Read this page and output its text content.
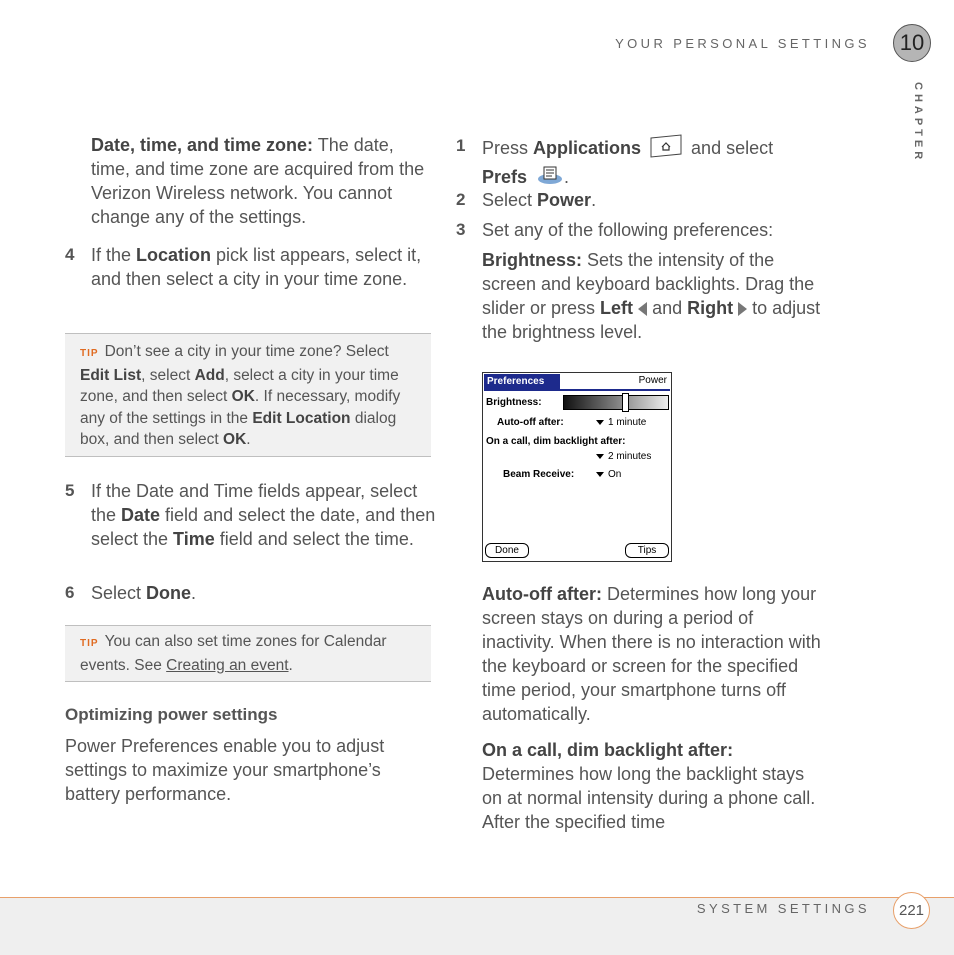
YOUR PERSONAL SETTINGS	10
CHAPTER
Date, time, and time zone: The date, time, and time zone are acquired from the Verizon Wireless network. You cannot change any of the settings.
4 If the Location pick list appears, select it, and then select a city in your time zone.
TIP Don’t see a city in your time zone? Select Edit List, select Add, select a city in your time zone, and then select OK. If necessary, modify any of the settings in the Edit Location dialog box, and then select OK.
5 If the Date and Time fields appear, select the Date field and select the date, and then select the Time field and select the time.
6 Select Done.
TIP You can also set time zones for Calendar events. See Creating an event.
Optimizing power settings
Power Preferences enable you to adjust settings to maximize your smartphone’s battery performance.
1 Press Applications	and select
Prefs .
2 Select Power.
3 Set any of the following preferences:
Brightness: Sets the intensity of the screen and keyboard backlights. Drag the slider or press Left  and Right  to adjust the brightness level.
Preferences	Power
Brightness:
Auto-off after:	1 minute
On a call, dim backlight after:
2 minutes
Beam Receive:	On
Done	Tips
Auto-off after: Determines how long your screen stays on during a period of inactivity. When there is no interaction with the keyboard or screen for the specified time period, your smartphone turns off automatically.
On a call, dim backlight after:
Determines how long the backlight stays on at normal intensity during a phone call. After the specified time
SYSTEM SETTINGS	221
